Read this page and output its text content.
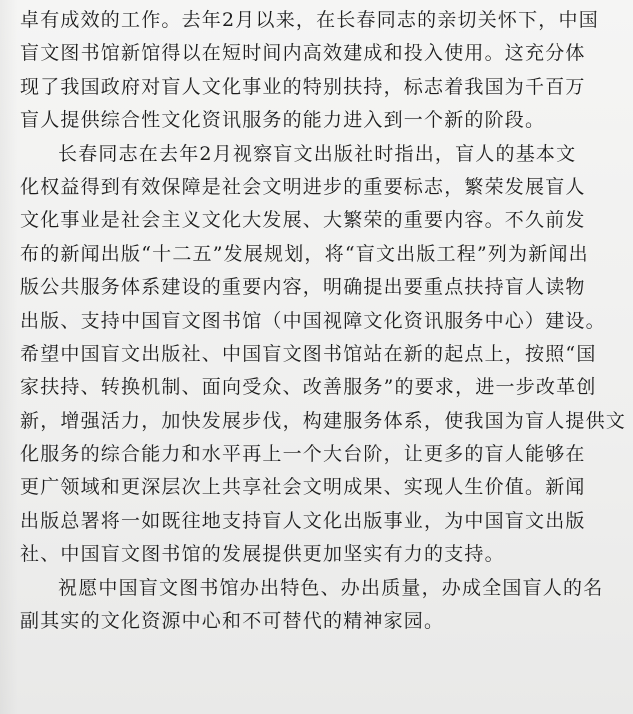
卓有成效的工作。去年2月以来，在长春同志的亲切关怀下，中国
盲文图书馆新馆得以在短时间内高效建成和投入使用。这充分体
现了我国政府对盲人文化事业的特别扶持，标志着我国为千百万
盲人提供综合性文化资讯服务的能力进入到一个新的阶段。
长春同志在去年2月视察盲文出版社时指出，盲人的基本文
化权益得到有效保障是社会文明进步的重要标志，繁荣发展盲人
文化事业是社会主义文化大发展、大繁荣的重要内容。不久前发
布的新闻出版“十二五”发展规划，将“盲文出版工程”列为新闻出
版公共服务体系建设的重要内容，明确提出要重点扶持盲人读物
出版、支持中国盲文图书馆（中国视障文化资讯服务中心）建设。
希望中国盲文出版社、中国盲文图书馆站在新的起点上，按照“国
家扶持、转换机制、面向受众、改善服务”的要求，进一步改革创
新，增强活力，加快发展步伐，构建服务体系，使我国为盲人提供文
化服务的综合能力和水平再上一个大台阶，让更多的盲人能够在
更广领域和更深层次上共享社会文明成果、实现人生价值。新闻
出版总署将一如既往地支持盲人文化出版事业，为中国盲文出版
社、中国盲文图书馆的发展提供更加坚实有力的支持。
祝愿中国盲文图书馆办出特色、办出质量，办成全国盲人的名
副其实的文化资源中心和不可替代的精神家园。
